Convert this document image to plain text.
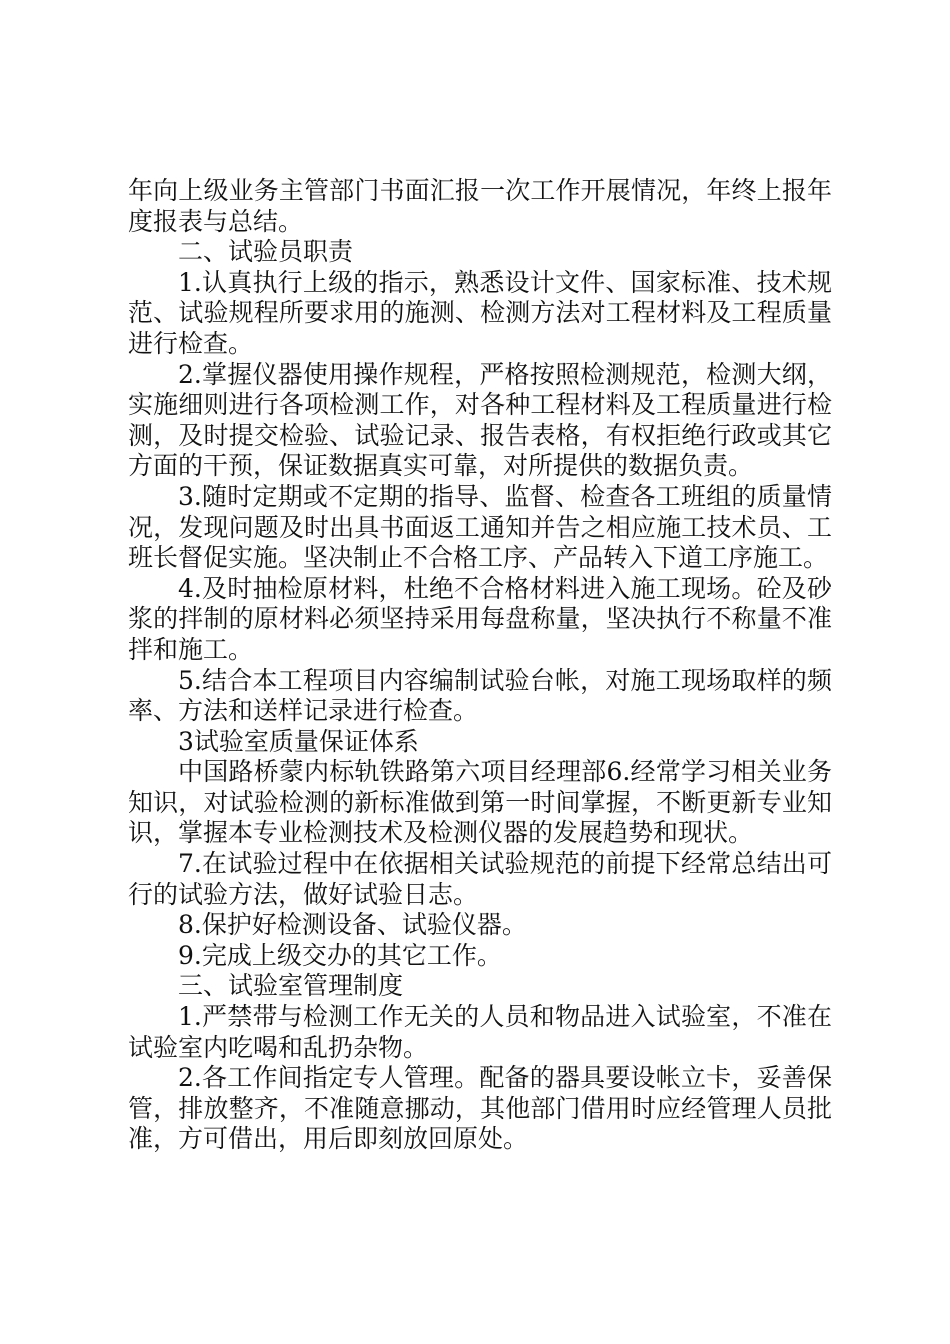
年向上级业务主管部门书面汇报一次工作开展情况，年终上报年度报表与总结。

二、试验员职责

1.认真执行上级的指示，熟悉设计文件、国家标准、技术规范、试验规程所要求用的施测、检测方法对工程材料及工程质量进行检查。

2.掌握仪器使用操作规程，严格按照检测规范，检测大纲，实施细则进行各项检测工作，对各种工程材料及工程质量进行检测，及时提交检验、试验记录、报告表格，有权拒绝行政或其它方面的干预，保证数据真实可靠，对所提供的数据负责。

3.随时定期或不定期的指导、监督、检查各工班组的质量情况，发现问题及时出具书面返工通知并告之相应施工技术员、工班长督促实施。坚决制止不合格工序、产品转入下道工序施工。

4.及时抽检原材料，杜绝不合格材料进入施工现场。砼及砂浆的拌制的原材料必须坚持采用每盘称量，坚决执行不称量不准拌和施工。

5.结合本工程项目内容编制试验台帐，对施工现场取样的频率、方法和送样记录进行检查。

3试验室质量保证体系

中国路桥蒙内标轨铁路第六项目经理部6.经常学习相关业务知识，对试验检测的新标准做到第一时间掌握，不断更新专业知识，掌握本专业检测技术及检测仪器的发展趋势和现状。

7.在试验过程中在依据相关试验规范的前提下经常总结出可行的试验方法，做好试验日志。

8.保护好检测设备、试验仪器。

9.完成上级交办的其它工作。

三、试验室管理制度

1.严禁带与检测工作无关的人员和物品进入试验室，不准在试验室内吃喝和乱扔杂物。

2.各工作间指定专人管理。配备的器具要设帐立卡，妥善保管，排放整齐，不准随意挪动，其他部门借用时应经管理人员批准，方可借出，用后即刻放回原处。
